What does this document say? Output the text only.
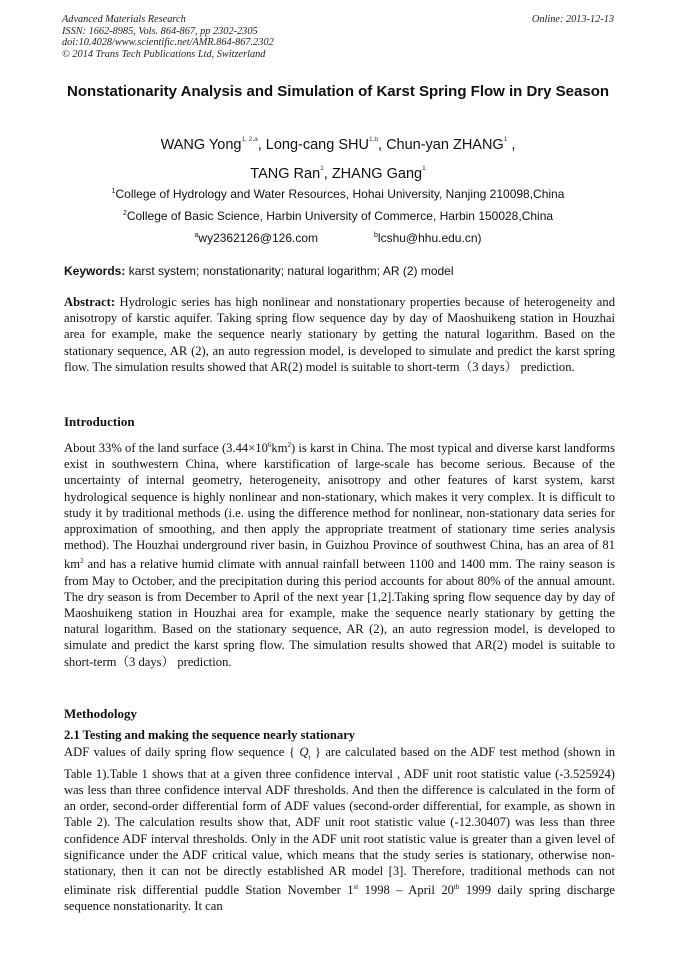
Advanced Materials Research
ISSN: 1662-8985, Vols. 864-867, pp 2302-2305
doi:10.4028/www.scientific.net/AMR.864-867.2302
© 2014 Trans Tech Publications Ltd, Switzerland
Online: 2013-12-13
Nonstationarity Analysis and Simulation of Karst Spring Flow in Dry Season
WANG Yong$^{1, 2,a}$, Long-cang SHU$^{1,b}$, Chun-yan ZHANG$^1$ ,
TANG Ran$^1$, ZHANG Gang$^1$
$^1$College of Hydrology and Water Resources, Hohai University, Nanjing 210098,China
$^2$College of Basic Science, Harbin University of Commerce, Harbin 150028,China
$^a$wy2362126@126.com	$^b$lcshu@hhu.edu.cn)
Keywords: karst system; nonstationarity; natural logarithm; AR (2) model
Abstract: Hydrologic series has high nonlinear and nonstationary properties because of heterogeneity and anisotropy of karstic aquifer. Taking spring flow sequence day by day of Maoshuikeng station in Houzhai area for example, make the sequence nearly stationary by getting the natural logarithm. Based on the stationary sequence, AR (2), an auto regression model, is developed to simulate and predict the karst spring flow. The simulation results showed that AR(2) model is suitable to short-term（3 days） prediction.
Introduction
About 33% of the land surface $(3.44\times 10^6km^2)$ is karst in China. The most typical and diverse karst landforms exist in southwestern China, where karstification of large-scale has become serious. Because of the uncertainty of internal geometry, heterogeneity, anisotropy and other features of karst system, karst hydrological sequence is highly nonlinear and non-stationary, which makes it very complex. It is difficult to study it by traditional methods (i.e. using the difference method for nonlinear, non-stationary data series for approximation of smoothing, and then apply the appropriate treatment of stationary time series analysis method). The Houzhai underground river basin, in Guizhou Province of southwest China, has an area of 81 $km^2$ and has a relative humid climate with annual rainfall between 1100 and 1400 mm. The rainy season is from May to October, and the precipitation during this period accounts for about 80% of the annual amount. The dry season is from December to April of the next year [1,2].Taking spring flow sequence day by day of Maoshuikeng station in Houzhai area for example, make the sequence nearly stationary by getting the natural logarithm. Based on the stationary sequence, AR (2), an auto regression model, is developed to simulate and predict the karst spring flow. The simulation results showed that AR(2) model is suitable to short-term（3 days） prediction.
Methodology
2.1 Testing and making the sequence nearly stationary
ADF values of daily spring flow sequence { $Q_t$ } are calculated based on the ADF test method (shown in Table 1).Table 1 shows that at a given three confidence interval , ADF unit root statistic value (-3.525924) was less than three confidence interval ADF thresholds. And then the difference is calculated in the form of an order, second-order differential form of ADF values (second-order differential, for example, as shown in Table 2). The calculation results show that, ADF unit root statistic value (-12.30407) was less than three confidence ADF interval thresholds. Only in the ADF unit root statistic value is greater than a given level of significance under the ADF critical value, which means that the study series is stationary, otherwise non-stationary, then it can not be directly established AR model [3]. Therefore, traditional methods can not eliminate risk differential puddle Station November 1st 1998 – April 20th 1999 daily spring discharge sequence nonstationarity. It can
